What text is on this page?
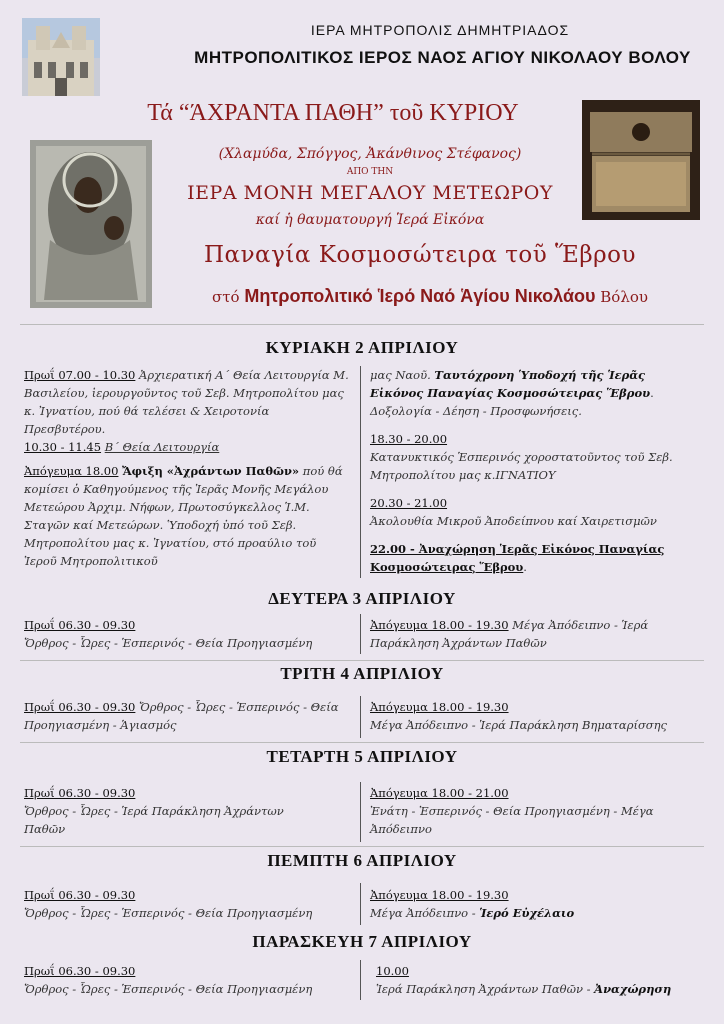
ΙΕΡΑ ΜΗΤΡΟΠΟΛΙΣ ΔΗΜΗΤΡΙΑΔΟΣ
ΜΗΤΡΟΠΟΛΙΤΙΚΟΣ ΙΕΡΟΣ ΝΑΟΣ ΑΓΙΟΥ ΝΙΚΟΛΑΟΥ ΒΟΛΟΥ
Τά “ΆΧΡΑΝΤΑ ΠΑΘΗ” τοῦ ΚΥΡΙΟΥ
(Χλαμύδα, Σπόγγος, Ἀκάνθινος Στέφανος)
ΑΠΟ ΤΗΝ
ΙΕΡΑ ΜΟΝΗ ΜΕΓΑΛΟΥ ΜΕΤΕΩΡΟΥ
καί ἡ θαυματουργή Ἱερά Εἰκόνα
Παναγία Κοσμοσώτειρα τοῦ Ἕβρου
στό Μητροπολιτικό Ἱερό Ναό Ἁγίου Νικολάου Βόλου
ΚΥΡΙΑΚΗ 2 ΑΠΡΙΛΙΟΥ
Πρωΐ 07.00 - 10.30 Ἀρχιερατική Α΄ Θεία Λειτουργία Μ. Βασιλείου, ἱερουργοῦντος τοῦ Σεβ. Μητροπολίτου μας κ. Ἰγνατίου, πού θά τελέσει & Χειροτονία Πρεσβυτέρου.
10.30 - 11.45 Β΄ Θεία Λειτουργία
Ἀπόγευμα 18.00 Ἄφιξη «Ἀχράντων Παθῶν» πού θά κομίσει ὁ Καθηγούμενος τῆς Ἱερᾶς Μονῆς Μεγάλου Μετεώρου Ἀρχιμ. Νήφων, Πρωτοσύγκελλος Ἱ.Μ. Σταγῶν καί Μετεώρων. Ὑποδοχή ὑπό τοῦ Σεβ. Μητροπολίτου μας κ. Ἰγνατίου, στό προαύλιο τοῦ Ἱεροῦ Μητροπολιτικοῦ
μας Ναοῦ. Ταυτόχρονη Ὑποδοχή τῆς Ἱερᾶς Εἰκόνος Παναγίας Κοσμοσώτειρας Ἕβρου.
Δοξολογία - Δέηση - Προσφωνήσεις.
18.30 - 20.00
Κατανυκτικός Ἑσπερινός χοροστατοῦντος τοῦ Σεβ. Μητροπολίτου μας κ.ΙΓΝΑΤΙΟΥ
20.30 - 21.00
Ἀκολουθία Μικροῦ Ἀποδείπνου καί Χαιρετισμῶν
22.00 - Ἀναχώρηση Ἱερᾶς Εἰκόνος Παναγίας Κοσμοσώτειρας Ἕβρου.
ΔΕΥΤΕΡΑ 3 ΑΠΡΙΛΙΟΥ
Πρωΐ 06.30 - 09.30
Ὄρθρος - Ὧρες - Ἑσπερινός - Θεία Προηγιασμένη
Ἀπόγευμα 18.00 - 19.30 Μέγα Ἀπόδειπνο - Ἱερά
Παράκληση Ἀχράντων Παθῶν
ΤΡΙΤΗ 4 ΑΠΡΙΛΙΟΥ
Πρωΐ 06.30 - 09.30 Ὄρθρος - Ὧρες - Ἑσπερινός - Θεία
Προηγιασμένη - Ἁγιασμός
Ἀπόγευμα 18.00 - 19.30
Μέγα Ἀπόδειπνο - Ἱερά Παράκληση Βηματαρίσσης
ΤΕΤΑΡΤΗ 5 ΑΠΡΙΛΙΟΥ
Πρωΐ 06.30 - 09.30
Ὄρθρος - Ὧρες - Ἱερά Παράκληση Ἀχράντων Παθῶν
Ἀπόγευμα 18.00 - 21.00
Ἐνάτη - Ἑσπερινός - Θεία Προηγιασμένη - Μέγα Ἀπόδειπνο
ΠΕΜΠΤΗ 6 ΑΠΡΙΛΙΟΥ
Πρωΐ 06.30 - 09.30
Ὄρθρος - Ὧρες - Ἑσπερινός - Θεία Προηγιασμένη
Ἀπόγευμα 18.00 - 19.30
Μέγα Ἀπόδειπνο - Ἱερό Εὐχέλαιο
ΠΑΡΑΣΚΕΥΗ 7 ΑΠΡΙΛΙΟΥ
Πρωΐ 06.30 - 09.30
Ὄρθρος - Ὧρες - Ἑσπερινός - Θεία Προηγιασμένη
10.00
Ἱερά Παράκληση Ἀχράντων Παθῶν - Ἀναχώρηση
